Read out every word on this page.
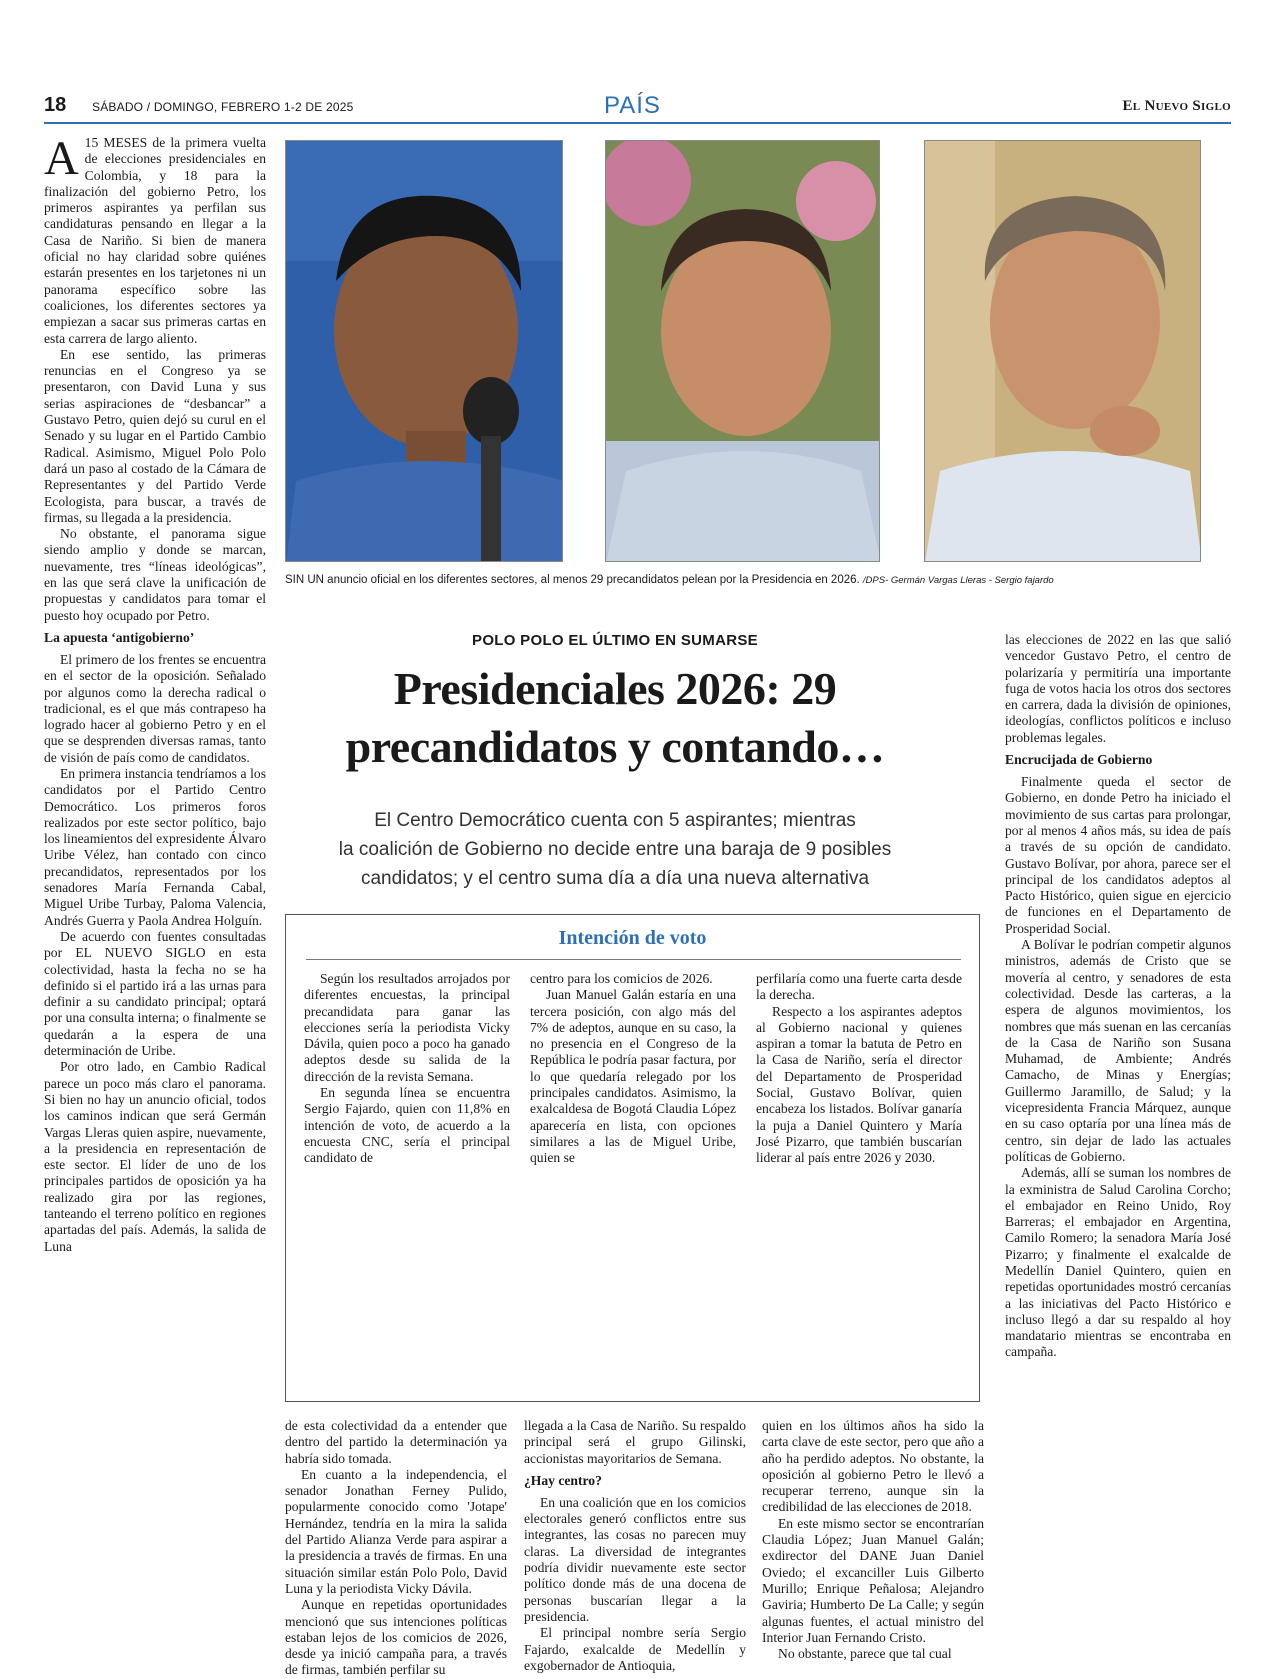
18 SÁBADO / DOMINGO, FEBRERO 1-2 DE 2025	PAÍS	El Nuevo Siglo

A 15 MESES de la primera vuelta de elecciones presidenciales en Colombia, y 18 para la finalización del gobierno Petro, los primeros aspirantes ya perfilan sus candidaturas pensando en llegar a la Casa de Nariño. Si bien de manera oficial no hay claridad sobre quiénes estarán presentes en los tarjetones ni un panorama específico sobre las coaliciones, los diferentes sectores ya empiezan a sacar sus primeras cartas en esta carrera de largo aliento.

En ese sentido, las primeras renuncias en el Congreso ya se presentaron, con David Luna y sus serias aspiraciones de “desbancar” a Gustavo Petro, quien dejó su curul en el Senado y su lugar en el Partido Cambio Radical. Asimismo, Miguel Polo Polo dará un paso al costado de la Cámara de Representantes y del Partido Verde Ecologista, para buscar, a través de firmas, su llegada a la presidencia.

No obstante, el panorama sigue siendo amplio y donde se marcan, nuevamente, tres “líneas ideológicas”, en las que será clave la unificación de propuestas y candidatos para tomar el puesto hoy ocupado por Petro.

La apuesta ‘antigobierno’

El primero de los frentes se encuentra en el sector de la oposición. Señalado por algunos como la derecha radical o tradicional, es el que más contrapeso ha logrado hacer al gobierno Petro y en el que se desprenden diversas ramas, tanto de visión de país como de candidatos.

En primera instancia tendríamos a los candidatos por el Partido Centro Democrático. Los primeros foros realizados por este sector político, bajo los lineamientos del expresidente Álvaro Uribe Vélez, han contado con cinco precandidatos, representados por los senadores María Fernanda Cabal, Miguel Uribe Turbay, Paloma Valencia, Andrés Guerra y Paola Andrea Holguín.

De acuerdo con fuentes consultadas por EL NUEVO SIGLO en esta colectividad, hasta la fecha no se ha definido si el partido irá a las urnas para definir a su candidato principal; optará por una consulta interna; o finalmente se quedarán a la espera de una determinación de Uribe.

Por otro lado, en Cambio Radical parece un poco más claro el panorama. Si bien no hay un anuncio oficial, todos los caminos indican que será Germán Vargas Lleras quien aspire, nuevamente, a la presidencia en representación de este sector. El líder de uno de los principales partidos de oposición ya ha realizado gira por las regiones, tanteando el terreno político en regiones apartadas del país. Además, la salida de Luna

SIN UN anuncio oficial en los diferentes sectores, al menos 29 precandidatos pelean por la Presidencia en 2026. /DPS- Germán Vargas Lleras - Sergio fajardo
POLO POLO EL ÚLTIMO EN SUMARSE
Presidenciales 2026: 29
precandidatos y contando…
El Centro Democrático cuenta con 5 aspirantes; mientras
la coalición de Gobierno no decide entre una baraja de 9 posibles
candidatos; y el centro suma día a día una nueva alternativa
Intención de voto

Según los resultados arrojados por diferentes encuestas, la principal precandidata para ganar las elecciones sería la periodista Vicky Dávila, quien poco a poco ha ganado adeptos desde su salida de la dirección de la revista Semana.

En segunda línea se encuentra Sergio Fajardo, quien con 11,8% en intención de voto, de acuerdo a la encuesta CNC, sería el principal candidato de

centro para los comicios de 2026.

Juan Manuel Galán estaría en una tercera posición, con algo más del 7% de adeptos, aunque en su caso, la no presencia en el Congreso de la República le podría pasar factura, por lo que quedaría relegado por los principales candidatos. Asimismo, la exalcaldesa de Bogotá Claudia López aparecería en lista, con opciones similares a las de Miguel Uribe, quien se

perfilaría como una fuerte carta desde la derecha.

Respecto a los aspirantes adeptos al Gobierno nacional y quienes aspiran a tomar la batuta de Petro en la Casa de Nariño, sería el director del Departamento de Prosperidad Social, Gustavo Bolívar, quien encabeza los listados. Bolívar ganaría la puja a Daniel Quintero y María José Pizarro, que también buscarían liderar al país entre 2026 y 2030.

de esta colectividad da a entender que dentro del partido la determinación ya habría sido tomada.

En cuanto a la independencia, el senador Jonathan Ferney Pulido, popularmente conocido como 'Jotape' Hernández, tendría en la mira la salida del Partido Alianza Verde para aspirar a la presidencia a través de firmas. En una situación similar están Polo Polo, David Luna y la periodista Vicky Dávila.

Aunque en repetidas oportunidades mencionó que sus intenciones políticas estaban lejos de los comicios de 2026, desde ya inició campaña para, a través de firmas, también perfilar su

llegada a la Casa de Nariño. Su respaldo principal será el grupo Gilinski, accionistas mayoritarios de Semana.

¿Hay centro?

En una coalición que en los comicios electorales generó conflictos entre sus integrantes, las cosas no parecen muy claras. La diversidad de integrantes podría dividir nuevamente este sector político donde más de una docena de personas buscarían llegar a la presidencia.

El principal nombre sería Sergio Fajardo, exalcalde de Medellín y exgobernador de Antioquia,

quien en los últimos años ha sido la carta clave de este sector, pero que año a año ha perdido adeptos. No obstante, la oposición al gobierno Petro le llevó a recuperar terreno, aunque sin la credibilidad de las elecciones de 2018.

En este mismo sector se encontrarían Claudia López; Juan Manuel Galán; exdirector del DANE Juan Daniel Oviedo; el excanciller Luis Gilberto Murillo; Enrique Peñalosa; Alejandro Gaviria; Humberto De La Calle; y según algunas fuentes, el actual ministro del Interior Juan Fernando Cristo.

No obstante, parece que tal cual

las elecciones de 2022 en las que salió vencedor Gustavo Petro, el centro de polarizaría y permitiría una importante fuga de votos hacia los otros dos sectores en carrera, dada la división de opiniones, ideologías, conflictos políticos e incluso problemas legales.

Encrucijada de Gobierno

Finalmente queda el sector de Gobierno, en donde Petro ha iniciado el movimiento de sus cartas para prolongar, por al menos 4 años más, su idea de país a través de su opción de candidato. Gustavo Bolívar, por ahora, parece ser el principal de los candidatos adeptos al Pacto Histórico, quien sigue en ejercicio de funciones en el Departamento de Prosperidad Social.

A Bolívar le podrían competir algunos ministros, además de Cristo que se movería al centro, y senadores de esta colectividad. Desde las carteras, a la espera de algunos movimientos, los nombres que más suenan en las cercanías de la Casa de Nariño son Susana Muhamad, de Ambiente; Andrés Camacho, de Minas y Energías; Guillermo Jaramillo, de Salud; y la vicepresidenta Francia Márquez, aunque en su caso optaría por una línea más de centro, sin dejar de lado las actuales políticas de Gobierno.

Además, allí se suman los nombres de la exministra de Salud Carolina Corcho; el embajador en Reino Unido, Roy Barreras; el embajador en Argentina, Camilo Romero; la senadora María José Pizarro; y finalmente el exalcalde de Medellín Daniel Quintero, quien en repetidas oportunidades mostró cercanías a las iniciativas del Pacto Histórico e incluso llegó a dar su respaldo al hoy mandatario mientras se encontraba en campaña.
